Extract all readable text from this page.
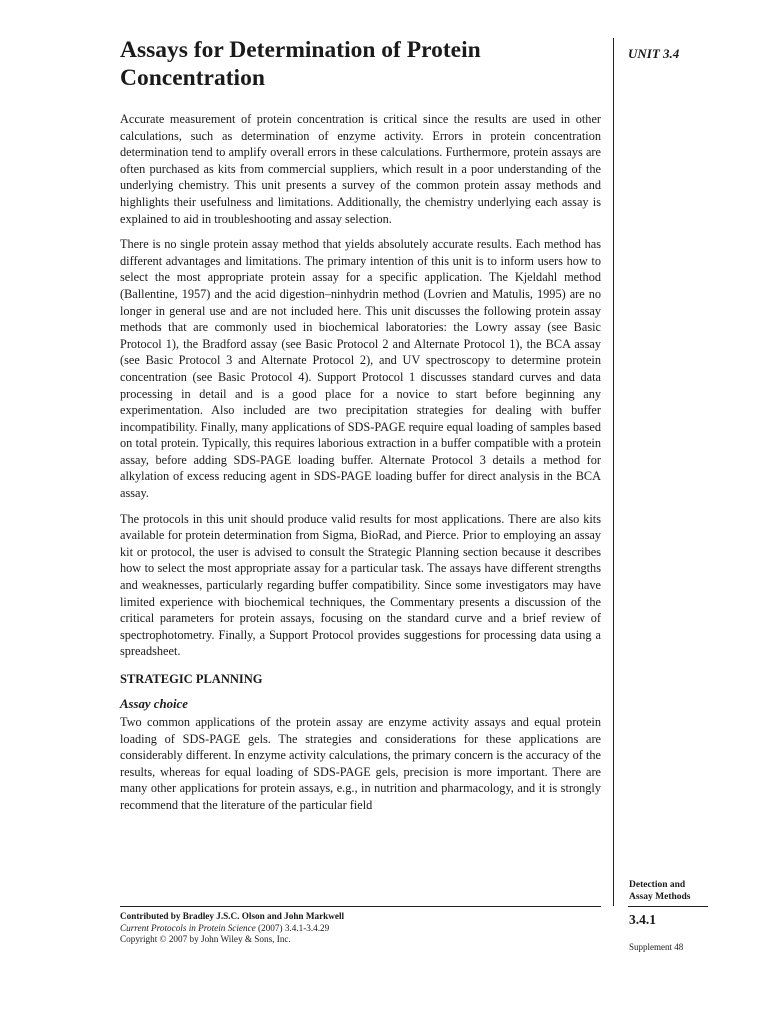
Assays for Determination of Protein
Concentration
UNIT 3.4

Accurate measurement of protein concentration is critical since the results are used in other calculations, such as determination of enzyme activity. Errors in protein concentration determination tend to amplify overall errors in these calculations. Furthermore, protein assays are often purchased as kits from commercial suppliers, which result in a poor understanding of the underlying chemistry. This unit presents a survey of the common protein assay methods and highlights their usefulness and limitations. Additionally, the chemistry underlying each assay is explained to aid in troubleshooting and assay selection.

There is no single protein assay method that yields absolutely accurate results. Each method has different advantages and limitations. The primary intention of this unit is to inform users how to select the most appropriate protein assay for a specific application. The Kjeldahl method (Ballentine, 1957) and the acid digestion–ninhydrin method (Lovrien and Matulis, 1995) are no longer in general use and are not included here. This unit discusses the following protein assay methods that are commonly used in biochemical laboratories: the Lowry assay (see Basic Protocol 1), the Bradford assay (see Basic Protocol 2 and Alternate Protocol 1), the BCA assay (see Basic Protocol 3 and Alternate Protocol 2), and UV spectroscopy to determine protein concentration (see Basic Protocol 4). Support Protocol 1 discusses standard curves and data processing in detail and is a good place for a novice to start before beginning any experimentation. Also included are two precipitation strategies for dealing with buffer incompatibility. Finally, many applications of SDS-PAGE require equal loading of samples based on total protein. Typically, this requires laborious extraction in a buffer compatible with a protein assay, before adding SDS-PAGE loading buffer. Alternate Protocol 3 details a method for alkylation of excess reducing agent in SDS-PAGE loading buffer for direct analysis in the BCA assay.

The protocols in this unit should produce valid results for most applications. There are also kits available for protein determination from Sigma, BioRad, and Pierce. Prior to employing an assay kit or protocol, the user is advised to consult the Strategic Planning section because it describes how to select the most appropriate assay for a particular task. The assays have different strengths and weaknesses, particularly regarding buffer compatibility. Since some investigators may have limited experience with biochemical techniques, the Commentary presents a discussion of the critical parameters for protein assays, focusing on the standard curve and a brief review of spectrophotometry. Finally, a Support Protocol provides suggestions for processing data using a spreadsheet.

STRATEGIC PLANNING
Assay choice

Two common applications of the protein assay are enzyme activity assays and equal protein loading of SDS-PAGE gels. The strategies and considerations for these applications are considerably different. In enzyme activity calculations, the primary concern is the accuracy of the results, whereas for equal loading of SDS-PAGE gels, precision is more important. There are many other applications for protein assays, e.g., in nutrition and pharmacology, and it is strongly recommend that the literature of the particular field

Contributed by Bradley J.S.C. Olson and John Markwell
Current Protocols in Protein Science (2007) 3.4.1-3.4.29
Copyright © 2007 by John Wiley & Sons, Inc.
Detection and
Assay Methods
3.4.1
Supplement 48
